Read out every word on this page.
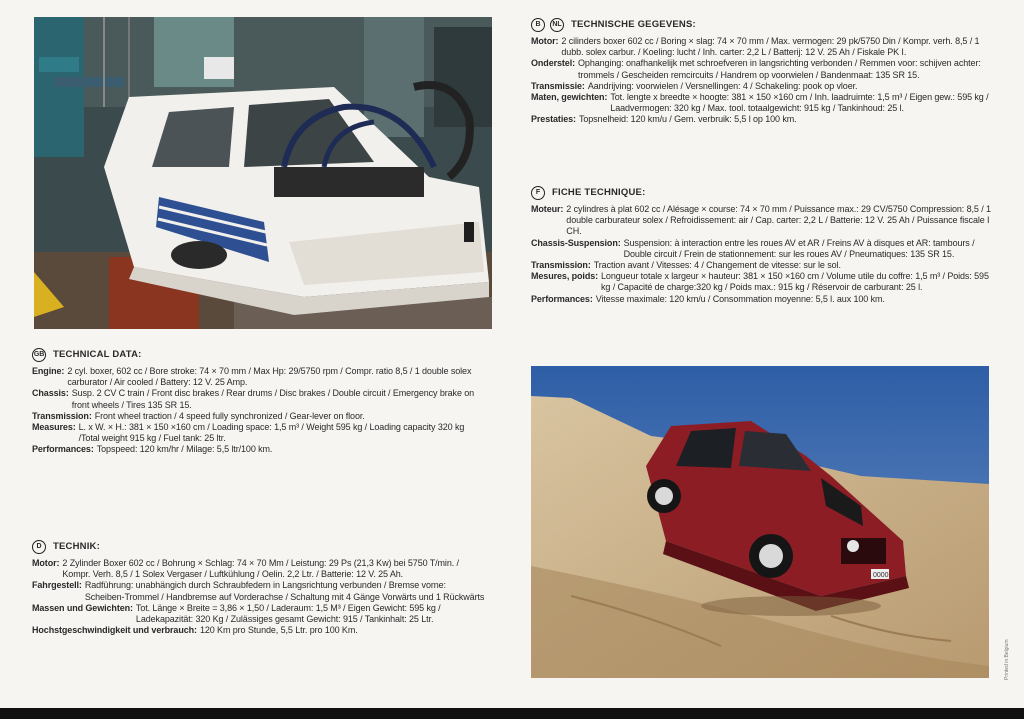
0000
B	NL TECHNISCHE GEGEVENS:
Motor: 2 cilinders boxer 602 cc / Boring × slag: 74 × 70 mm / Max. vermogen: 29 pk/5750 Din / Kompr. verh. 8,5 / 1 dubb. solex carbur. / Koeling: lucht / Inh. carter: 2,2 L / Batterij: 12 V. 25 Ah / Fiskale PK I.
Onderstel: Ophanging: onafhankelijk met schroefveren in langsrichting verbonden / Remmen voor: schijven achter: trommels / Gescheiden remcircuits / Handrem op voorwielen / Bandenmaat: 135 SR 15.
Transmissie: Aandrijving: voorwielen / Versnellingen: 4 / Schakeling: pook op vloer.
Maten, gewichten: Tot. lengte x breedte × hoogte: 381 × 150 ×160 cm / Inh. laadruimte: 1,5 m³ / Eigen gew.: 595 kg / Laadvermogen: 320 kg / Max. tool. totaalgewicht: 915 kg / Tankinhoud: 25 l.
Prestaties: Topsnelheid: 120 km/u / Gem. verbruik: 5,5 l op 100 km.
F	FICHE TECHNIQUE:
Moteur: 2 cylindres à plat 602 cc / Alésage × course: 74 × 70 mm / Puissance max.: 29 CV/5750 Compression: 8,5 / 1 double carburateur solex / Refroidissement: air / Cap. carter: 2,2 L / Batterie: 12 V. 25 Ah / Puissance fiscale I CH.
Chassis-Suspension: Suspension: à interaction entre les roues AV et AR / Freins AV à disques et AR: tambours / Double circuit / Frein de stationnement: sur les roues AV / Pneumatiques: 135 SR 15.
Transmission: Traction avant / Vitesses: 4 / Changement de vitesse: sur le sol.
Mesures, poids: Longueur totale x largeur × hauteur: 381 × 150 ×160 cm / Volume utile du coffre: 1,5 m³ / Poids: 595 kg / Capacité de charge:320 kg / Poids max.: 915 kg / Réservoir de carburant: 25 l.
Performances: Vitesse maximale: 120 km/u / Consommation moyenne: 5,5 l. aux 100 km.
GB TECHNICAL DATA:
Engine: 2 cyl. boxer, 602 cc / Bore stroke: 74 × 70 mm / Max Hp: 29/5750 rpm / Compr. ratio 8,5 / 1 double solex carburator / Air cooled / Battery: 12 V. 25 Amp.
Chassis: Susp. 2 CV C train / Front disc brakes / Rear drums / Disc brakes / Double circuit / Emergency brake on front wheels / Tires 135 SR 15.
Transmission: Front wheel traction / 4 speed fully synchronized / Gear-lever on floor.
Measures: L. x W. × H.: 381 × 150 ×160 cm / Loading space: 1,5 m³ / Weight 595 kg / Loading capacity 320 kg /Total weight 915 kg / Fuel tank: 25 ltr.
Performances: Topspeed: 120 km/hr / Milage: 5,5 ltr/100 km.
D	TECHNIK:
Motor: 2 Zylinder Boxer 602 cc / Bohrung × Schlag: 74 × 70 Mm / Leistung: 29 Ps (21,3 Kw) bei 5750 T/min. / Kompr. Verh. 8,5 / 1 Solex Vergaser / Luftkühlung / Oelin. 2,2 Ltr. / Batterie: 12 V. 25 Ah.
Fahrgestell: Radführung: unabhängich durch Schraubfedern in Langsrichtung verbunden / Bremse vorne: Scheiben-Trommel / Handbremse auf Vorderachse / Schaltung mit 4 Gänge Vorwärts und 1 Rückwärts
Massen und Gewichten: Tot. Länge × Breite = 3,86 × 1,50 / Laderaum: 1,5 M³ / Eigen Gewicht: 595 kg / Ladekapazität: 320 Kg / Zulässiges gesamt Gewicht: 915 / Tankinhalt: 25 Ltr.
Hochstgeschwindigkeit und verbrauch: 120 Km pro Stunde, 5,5 Ltr. pro 100 Km.
Printed in Belgium
